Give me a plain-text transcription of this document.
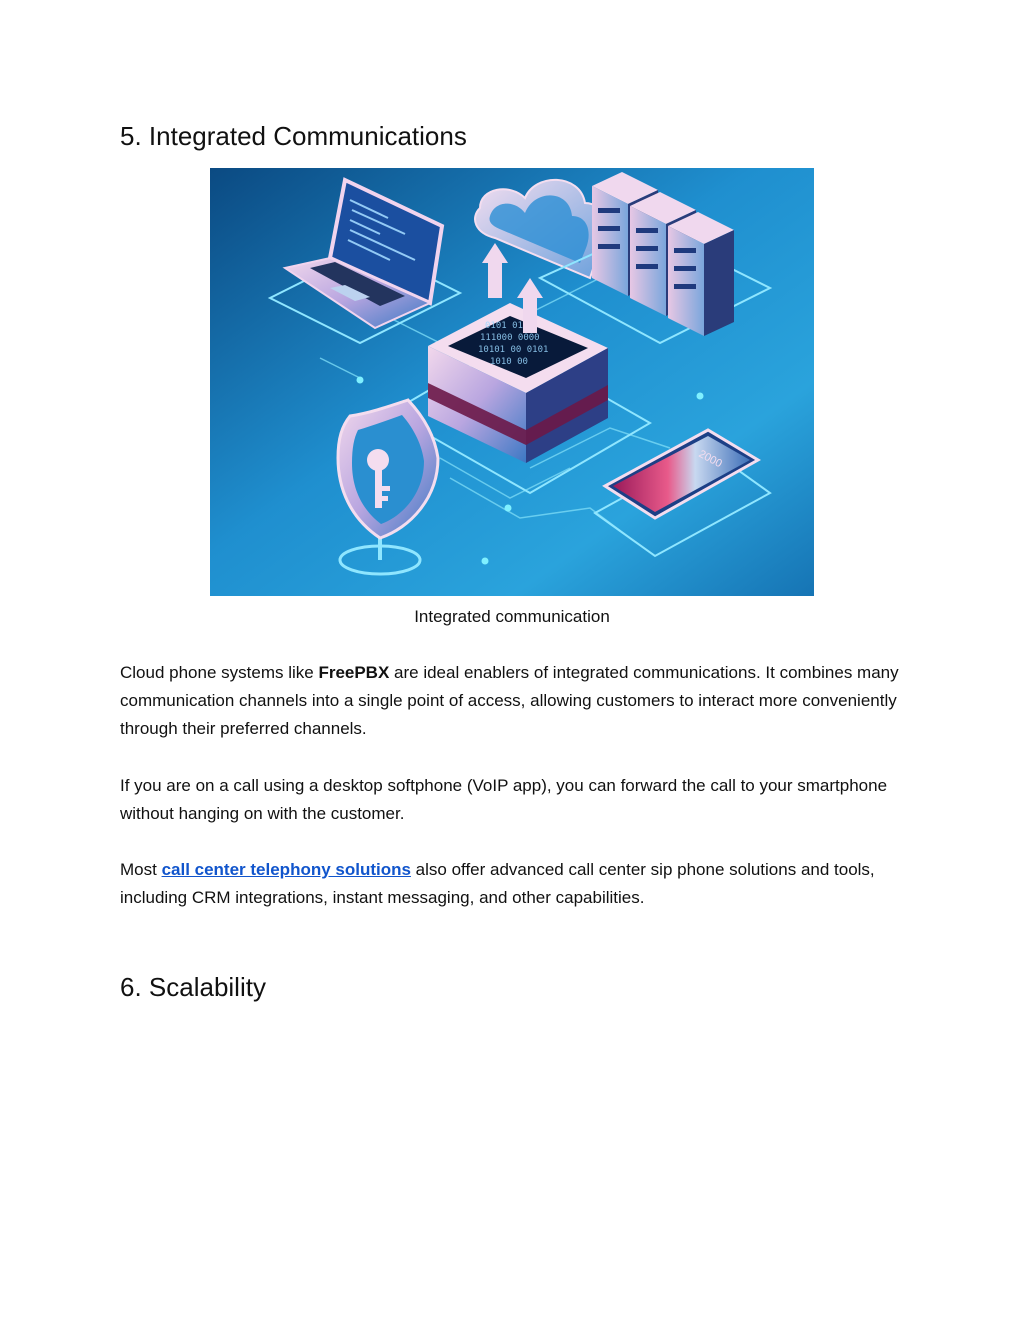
5. Integrated Communications
0101 01
111000 0000
10101 00 0101
1010 00
2000
Integrated communication

Cloud phone systems like FreePBX are ideal enablers of integrated communications. It combines many communication channels into a single point of access, allowing customers to interact more conveniently through their preferred channels.

If you are on a call using a desktop softphone (VoIP app), you can forward the call to your smartphone without hanging on with the customer.

Most call center telephony solutions also offer advanced call center sip phone solutions and tools, including CRM integrations, instant messaging, and other capabilities.

6. Scalability
